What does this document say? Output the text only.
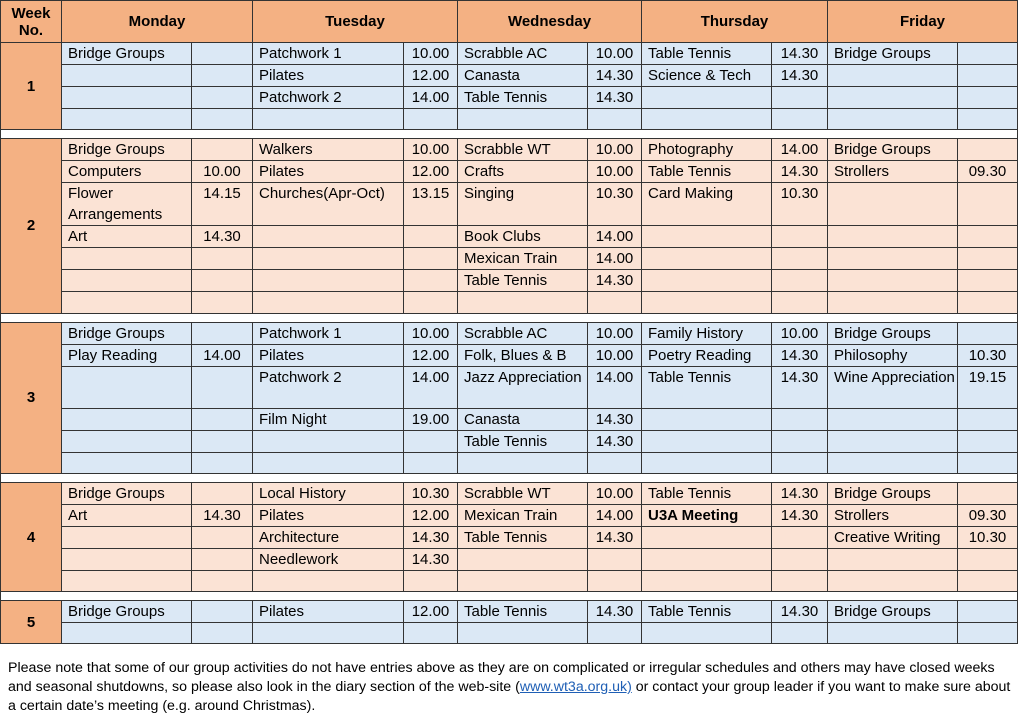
Week No.	Monday		Tuesday		Wednesday		Thursday		Friday	
1	Bridge Groups		Patchwork 1	10.00	Scrabble AC	10.00	Table Tennis	14.30	Bridge Groups	
			Pilates	12.00	Canasta	14.30	Science & Tech	14.30		
			Patchwork 2	14.00	Table Tennis	14.30				

2	Bridge Groups		Walkers	10.00	Scrabble WT	10.00	Photography	14.00	Bridge Groups	
	Computers	10.00	Pilates	12.00	Crafts	10.00	Table Tennis	14.30	Strollers	09.30
	Flower Arrangements	14.15	Churches(Apr-Oct)	13.15	Singing	10.30	Card Making	10.30		
	Art	14.30			Book Clubs	14.00				
					Mexican Train	14.00				
					Table Tennis	14.30				

3	Bridge Groups		Patchwork 1	10.00	Scrabble AC	10.00	Family History	10.00	Bridge Groups	
	Play Reading	14.00	Pilates	12.00	Folk, Blues & B	10.00	Poetry Reading	14.30	Philosophy	10.30
			Patchwork 2	14.00	Jazz Appreciation	14.00	Table Tennis	14.30	Wine Appreciation	19.15
			Film Night	19.00	Canasta	14.30				
					Table Tennis	14.30				

4	Bridge Groups		Local History	10.30	Scrabble WT	10.00	Table Tennis	14.30	Bridge Groups	
	Art	14.30	Pilates	12.00	Mexican Train	14.00	U3A Meeting	14.30	Strollers	09.30
			Architecture	14.30	Table Tennis	14.30			Creative Writing	10.30
			Needlework	14.30						

5	Bridge Groups		Pilates	12.00	Table Tennis	14.30	Table Tennis	14.30	Bridge Groups	

Please note that some of our group activities do not have entries above as they are on complicated or irregular schedules and others may have closed weeks and seasonal shutdowns, so please also look in the diary section of the web-site (www.wt3a.org.uk) or contact your group leader if you want to make sure about a certain date’s meeting (e.g. around Christmas).
